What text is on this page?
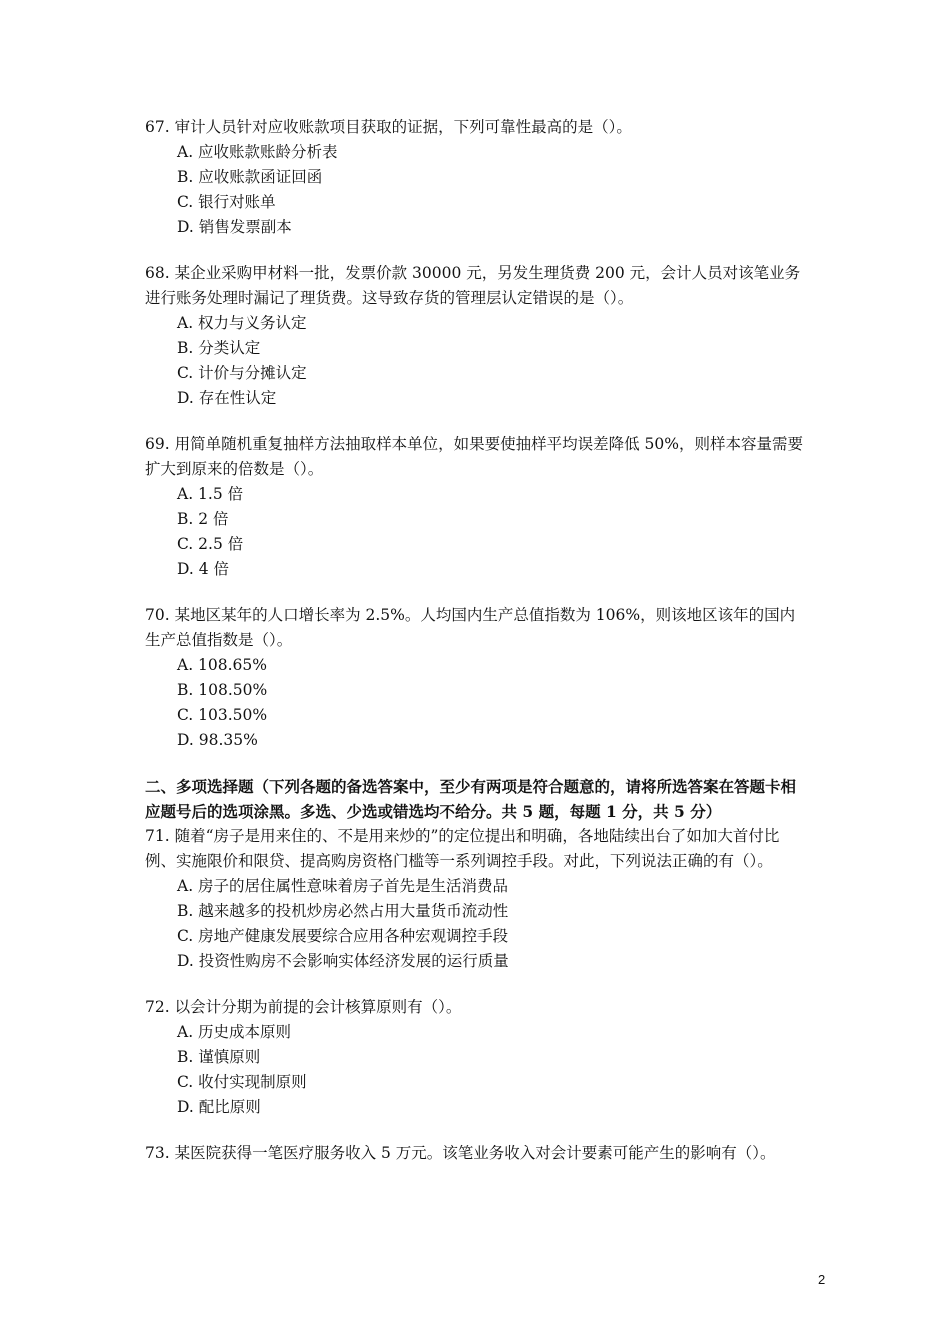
67. 审计人员针对应收账款项目获取的证据，下列可靠性最高的是（）。

A. 应收账款账龄分析表

B. 应收账款函证回函

C. 银行对账单

D. 销售发票副本

68. 某企业采购甲材料一批，发票价款 30000 元，另发生理货费 200 元，会计人员对该笔业务进行账务处理时漏记了理货费。这导致存货的管理层认定错误的是（）。

A. 权力与义务认定

B. 分类认定

C. 计价与分摊认定

D. 存在性认定

69. 用简单随机重复抽样方法抽取样本单位，如果要使抽样平均误差降低 50%，则样本容量需要扩大到原来的倍数是（）。

A. 1.5 倍

B. 2 倍

C. 2.5 倍

D. 4 倍

70. 某地区某年的人口增长率为 2.5%。人均国内生产总值指数为 106%，则该地区该年的国内生产总值指数是（）。

A. 108.65%

B. 108.50%

C. 103.50%

D. 98.35%

二、多项选择题（下列各题的备选答案中，至少有两项是符合题意的，请将所选答案在答题卡相应题号后的选项涂黑。多选、少选或错选均不给分。共 5 题，每题 1 分，共 5 分）

71. 随着“房子是用来住的、不是用来炒的”的定位提出和明确，各地陆续出台了如加大首付比例、实施限价和限贷、提高购房资格门槛等一系列调控手段。对此，下列说法正确的有（）。

A. 房子的居住属性意味着房子首先是生活消费品

B. 越来越多的投机炒房必然占用大量货币流动性

C. 房地产健康发展要综合应用各种宏观调控手段

D. 投资性购房不会影响实体经济发展的运行质量

72. 以会计分期为前提的会计核算原则有（）。

A. 历史成本原则

B. 谨慎原则

C. 收付实现制原则

D. 配比原则

73. 某医院获得一笔医疗服务收入 5 万元。该笔业务收入对会计要素可能产生的影响有（）。

2
